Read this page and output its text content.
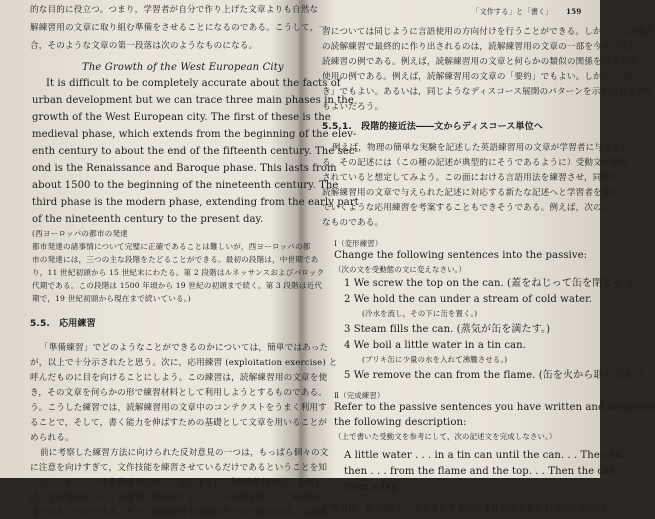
的な目的に役立つ。つまり，学習者が自分で作り上げた文章よりも自然な
解練習用の文章に取り組む準備をさせることになるのである。こうして，一
合，そのような文章の第一段落は次のようなものになる。
The Growth of the West European City
It is difficult to be completely accurate about the facts of
urban development but we can trace three main phases in the
growth of the West European city. The first of these is the
medieval phase, which extends from the beginning of the elev-
enth century to about the end of the fifteenth century. The sec-
ond is the Renaissance and Baroque phase. This lasts from
about 1500 to the beginning of the nineteenth century. The
third phase is the modern phase, extending from the early part
of the nineteenth century to the present day.
(西ヨーロッパの都市の発達
都市発達の諸事情について完璧に正確であることは難しいが，西ヨーロッパの都
市の発達には，三つの主な段階をたどることができる。最初の段階は，中世期であ
り，11 世紀初頭から 15 世紀末にわたる。第 2 段階はルネッサンスおよびバロック
代期である。この段階は 1500 年頃から 19 世紀の初頭まで続く。第 3 段階は近代
期で，19 世紀初頭から現在まで続いている。)
5.5.　応用練習
「準備練習」でどのようなことができるのかについては，簡単ではあった
が，以上で十分示されたと思う。次に，応用練習 (exploitation exercise) と
呼んだものに目を向けることにしよう。この練習は，読解練習用の文章を使
き，その文章を何らかの形で練習材料として利用しようとするものである。
う。こうした練習では，読解練習用の文章中のコンテクストをうまく利用す
ることで，そして，書く能力を伸ばすための基礎として文章を用いることが
められる。
前に考察した練習方法に向けられた反対意見の一つは，もっぱら個々の文
に注意を向けすぎて，文作技能を練習させているだけであるということを知
った。しかし，いま準備練習に関して見たように，「段階的接近法」を用い
ば，文法事項についての練習と簡単なディスコースの例を書くことを同時に
運づけることができる。また，応用練習を同様のやり方で進めれば，文法練
「文作する」と「書く」 159
習については同じように言語使用の方向付けを行うことができる。しかし，この場合
の読解練習で最終的に作り出されるのは，読解練習用の文章の一部を今まで見た
読練習の例である。例えば，読解練習用の文章と何らかの類似の関係を持つ言語
使用の例である。例えば，読解練習用の文章の「要約」でもよい。しかし，「続
き」でもよい。あるいは，同じようなディスコース展開のパターンを示す別の文章で
もよいだろう。
5.5.1.　段階的接近法――文からディスコース単位へ
例えば，物理の簡単な実験を記述した英語練習用の文章が学習者に与えられ
る。その記述には（この種の記述が典型的にそうであるように）受動文が多用
されていると想定してみよう。この面における言語用法を練習させ，同時に
読解練習用の文章で与えられた記述に対応する新たな記述へと学習者を導い
ていくような応用練習を考案することもできそうである。例えば，次のよう
なものである。
Ⅰ（変形練習）
Change the following sentences into the passive:
（次の文を受動態の文に変えなさい。）
1 We screw the top on the can. (蓋をねじって缶を閉じる。)
2 We hold the can under a stream of cold water.
(冷水を流し，その下に缶を置く。)
3 Steam fills the can. (蒸気が缶を満たす。)
4 We boil a little water in a tin can.
(ブリキ缶に少量の水を入れて沸騰させる。)
5 We remove the can from the flame. (缶を火から取り去る。)
Ⅱ（完成練習）
Refer to the passive sentences you have written and complete
the following description:
（上で書いた受動文を参考にして，次の記述文を完成しなさい。）
A little water . . . in a tin can until the can. . . The can. . .
then . . . from the flame and the top. . . Then the can. . .
from a tap.
学習者は，第Ⅰ段階で，文を変形するのに文作技能を使わねばならない(外
